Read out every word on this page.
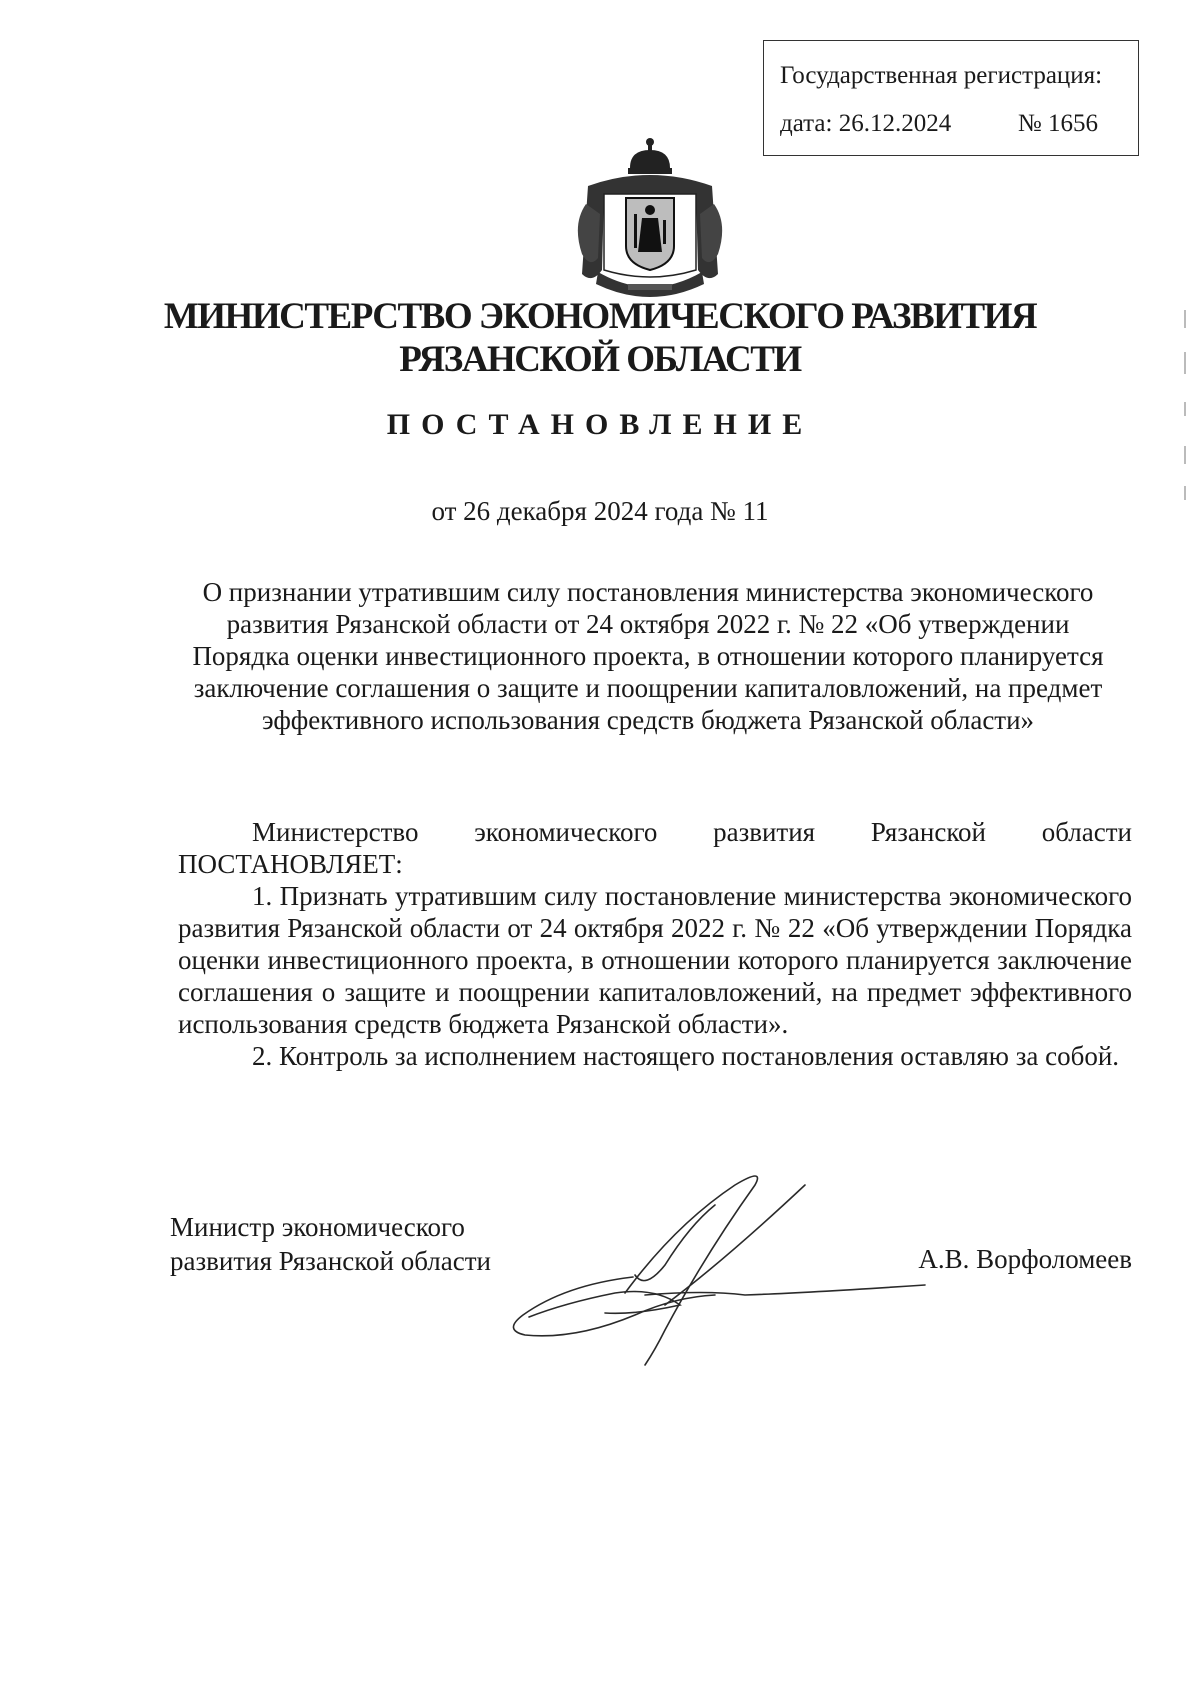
Государственная регистрация:
дата: 26.12.2024	№ 1656
МИНИСТЕРСТВО ЭКОНОМИЧЕСКОГО РАЗВИТИЯ
РЯЗАНСКОЙ ОБЛАСТИ
ПОСТАНОВЛЕНИЕ
от 26 декабря 2024 года № 11
О признании утратившим силу постановления министерства экономического
развития Рязанской области от 24 октября 2022 г. № 22 «Об утверждении
Порядка оценки инвестиционного проекта, в отношении которого планируется
заключение соглашения о защите и поощрении капиталовложений, на предмет
эффективного использования средств бюджета Рязанской области»

Министерство экономического развития Рязанской области ПОСТАНОВЛЯЕТ:

1. Признать утратившим силу постановление министерства экономического развития Рязанской области от 24 октября 2022 г. № 22 «Об утверждении Порядка оценки инвестиционного проекта, в отношении которого планируется заключение соглашения о защите и поощрении капиталовложений, на предмет эффективного использования средств бюджета Рязанской области».

2. Контроль за исполнением настоящего постановления оставляю за собой.

Министр экономического
развития Рязанской области	А.В. Ворфоломеев
